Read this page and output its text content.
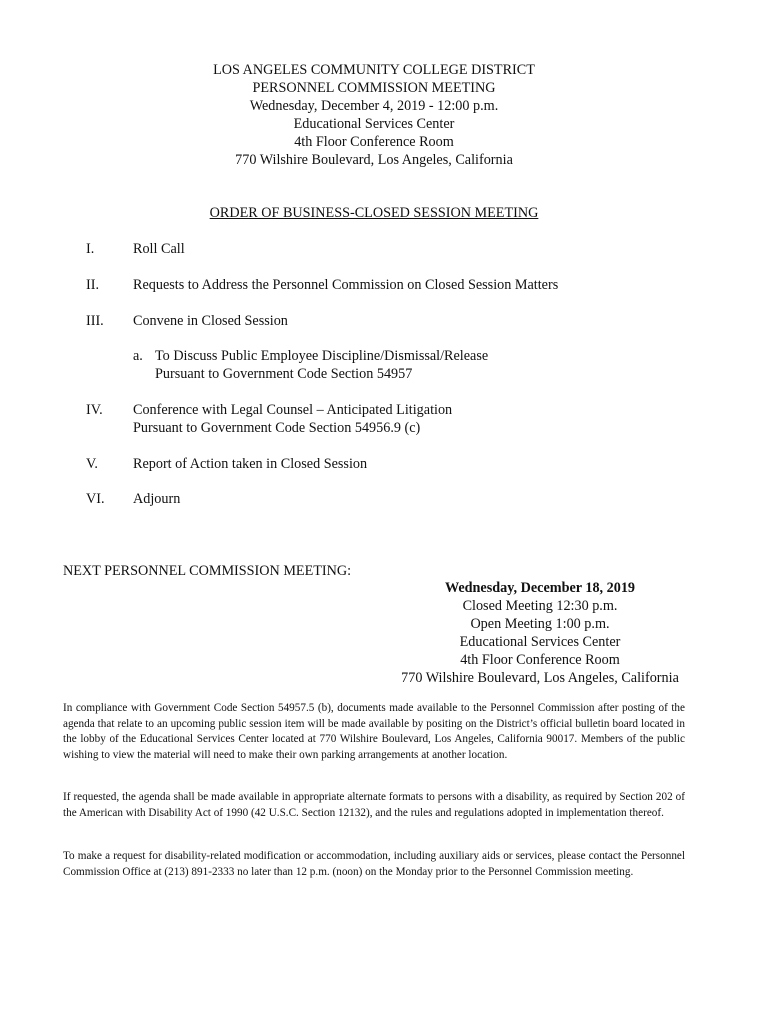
LOS ANGELES COMMUNITY COLLEGE DISTRICT
PERSONNEL COMMISSION MEETING
Wednesday, December 4, 2019 - 12:00 p.m.
Educational Services Center
4th Floor Conference Room
770 Wilshire Boulevard, Los Angeles, California
ORDER OF BUSINESS-CLOSED SESSION MEETING
I.	Roll Call
II. Requests to Address the Personnel Commission on Closed Session Matters
III. Convene in Closed Session
a. To Discuss Public Employee Discipline/Dismissal/Release
Pursuant to Government Code Section 54957
IV. Conference with Legal Counsel – Anticipated Litigation
Pursuant to Government Code Section 54956.9 (c)
V. Report of Action taken in Closed Session
VI. Adjourn
NEXT PERSONNEL COMMISSION MEETING:
Wednesday, December 18, 2019
Closed Meeting 12:30 p.m.
Open Meeting 1:00 p.m.
Educational Services Center
4th Floor Conference Room
770 Wilshire Boulevard, Los Angeles, California
In compliance with Government Code Section 54957.5 (b), documents made available to the Personnel Commission after posting of the agenda that relate to an upcoming public session item will be made available by positing on the District’s official bulletin board located in the lobby of the Educational Services Center located at 770 Wilshire Boulevard, Los Angeles, California 90017. Members of the public wishing to view the material will need to make their own parking arrangements at another location.
If requested, the agenda shall be made available in appropriate alternate formats to persons with a disability, as required by Section 202 of the American with Disability Act of 1990 (42 U.S.C. Section 12132), and the rules and regulations adopted in implementation thereof.
To make a request for disability-related modification or accommodation, including auxiliary aids or services, please contact the Personnel Commission Office at (213) 891-2333 no later than 12 p.m. (noon) on the Monday prior to the Personnel Commission meeting.
